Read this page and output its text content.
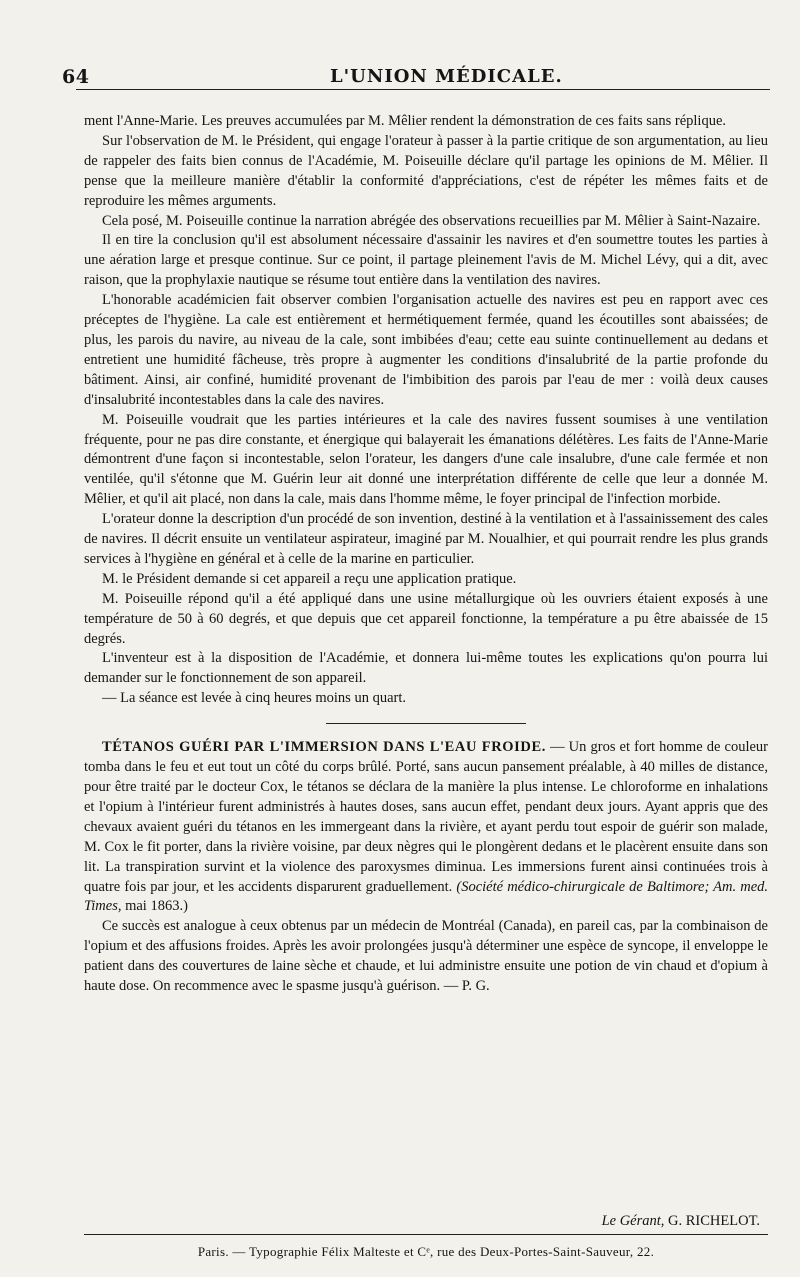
64	L'UNION MÉDICALE.

ment l'Anne-Marie. Les preuves accumulées par M. Mêlier rendent la démonstration de ces faits sans réplique.

Sur l'observation de M. le Président, qui engage l'orateur à passer à la partie critique de son argumentation, au lieu de rappeler des faits bien connus de l'Académie, M. Poiseuille déclare qu'il partage les opinions de M. Mêlier. Il pense que la meilleure manière d'établir la conformité d'appréciations, c'est de répéter les mêmes faits et de reproduire les mêmes arguments.

Cela posé, M. Poiseuille continue la narration abrégée des observations recueillies par M. Mêlier à Saint-Nazaire.

Il en tire la conclusion qu'il est absolument nécessaire d'assainir les navires et d'en soumettre toutes les parties à une aération large et presque continue. Sur ce point, il partage pleinement l'avis de M. Michel Lévy, qui a dit, avec raison, que la prophylaxie nautique se résume tout entière dans la ventilation des navires.

L'honorable académicien fait observer combien l'organisation actuelle des navires est peu en rapport avec ces préceptes de l'hygiène. La cale est entièrement et hermétiquement fermée, quand les écoutilles sont abaissées; de plus, les parois du navire, au niveau de la cale, sont imbibées d'eau; cette eau suinte continuellement au dedans et entretient une humidité fâcheuse, très propre à augmenter les conditions d'insalubrité de la partie profonde du bâtiment. Ainsi, air confiné, humidité provenant de l'imbibition des parois par l'eau de mer : voilà deux causes d'insalubrité incontestables dans la cale des navires.

M. Poiseuille voudrait que les parties intérieures et la cale des navires fussent soumises à une ventilation fréquente, pour ne pas dire constante, et énergique qui balayerait les émanations délétères. Les faits de l'Anne-Marie démontrent d'une façon si incontestable, selon l'orateur, les dangers d'une cale insalubre, d'une cale fermée et non ventilée, qu'il s'étonne que M. Guérin leur ait donné une interprétation différente de celle que leur a donnée M. Mêlier, et qu'il ait placé, non dans la cale, mais dans l'homme même, le foyer principal de l'infection morbide.

L'orateur donne la description d'un procédé de son invention, destiné à la ventilation et à l'assainissement des cales de navires. Il décrit ensuite un ventilateur aspirateur, imaginé par M. Noualhier, et qui pourrait rendre les plus grands services à l'hygiène en général et à celle de la marine en particulier.

M. le Président demande si cet appareil a reçu une application pratique.

M. Poiseuille répond qu'il a été appliqué dans une usine métallurgique où les ouvriers étaient exposés à une température de 50 à 60 degrés, et que depuis que cet appareil fonctionne, la température a pu être abaissée de 15 degrés.

L'inventeur est à la disposition de l'Académie, et donnera lui-même toutes les explications qu'on pourra lui demander sur le fonctionnement de son appareil.

— La séance est levée à cinq heures moins un quart.

TÉTANOS GUÉRI PAR L'IMMERSION DANS L'EAU FROIDE. — Un gros et fort homme de couleur tomba dans le feu et eut tout un côté du corps brûlé. Porté, sans aucun pansement préalable, à 40 milles de distance, pour être traité par le docteur Cox, le tétanos se déclara de la manière la plus intense. Le chloroforme en inhalations et l'opium à l'intérieur furent administrés à hautes doses, sans aucun effet, pendant deux jours. Ayant appris que des chevaux avaient guéri du tétanos en les immergeant dans la rivière, et ayant perdu tout espoir de guérir son malade, M. Cox le fit porter, dans la rivière voisine, par deux nègres qui le plongèrent dedans et le placèrent ensuite dans son lit. La transpiration survint et la violence des paroxysmes diminua. Les immersions furent ainsi continuées trois à quatre fois par jour, et les accidents disparurent graduellement. (Société médico-chirurgicale de Baltimore; Am. med. Times, mai 1863.)

Ce succès est analogue à ceux obtenus par un médecin de Montréal (Canada), en pareil cas, par la combinaison de l'opium et des affusions froides. Après les avoir prolongées jusqu'à déterminer une espèce de syncope, il enveloppe le patient dans des couvertures de laine sèche et chaude, et lui administre ensuite une potion de vin chaud et d'opium à haute dose. On recommence avec le spasme jusqu'à guérison. — P. G.

Le Gérant, G. RICHELOT.
Paris. — Typographie Félix Malteste et Cᵉ, rue des Deux-Portes-Saint-Sauveur, 22.
